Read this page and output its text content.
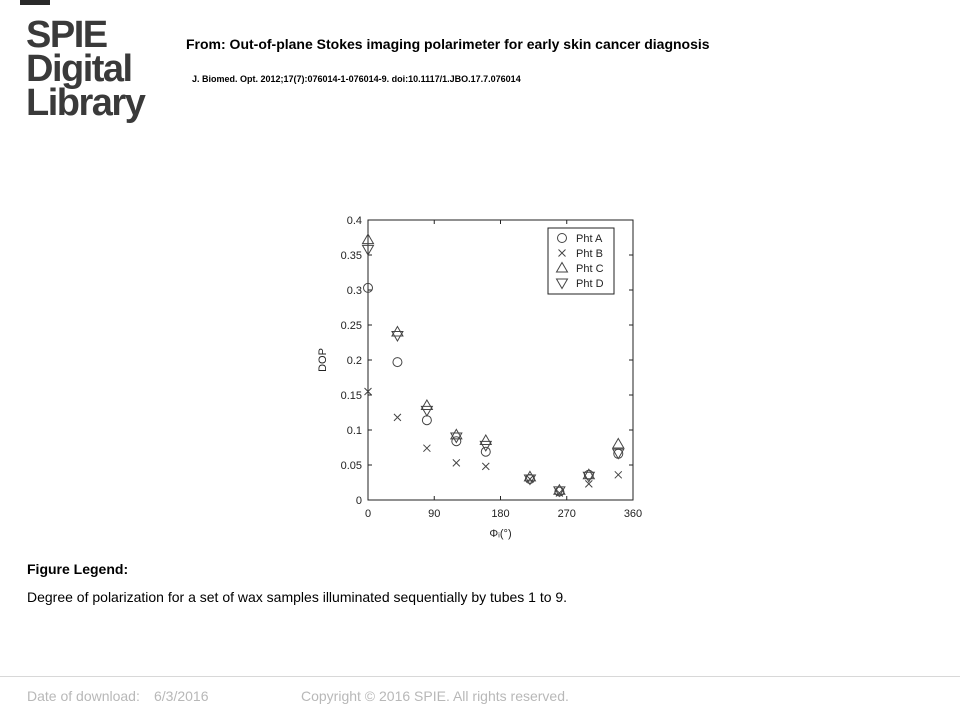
SPIE
Digital
Library
From: Out-of-plane Stokes imaging polarimeter for early skin cancer diagnosis
J. Biomed. Opt. 2012;17(7):076014-1-076014-9. doi:10.1117/1.JBO.17.7.076014
0
0.05
0.1
0.15
0.2
0.25
0.3
0.35
0.4
0	90	180	270	360
Φᵢ(°)
DOP
Pht A
Pht B
Pht C
Pht D
Figure Legend:
Degree of polarization for a set of wax samples illuminated sequentially by tubes 1 to 9.
Date of download: 6/3/2016	Copyright © 2016 SPIE. All rights reserved.
